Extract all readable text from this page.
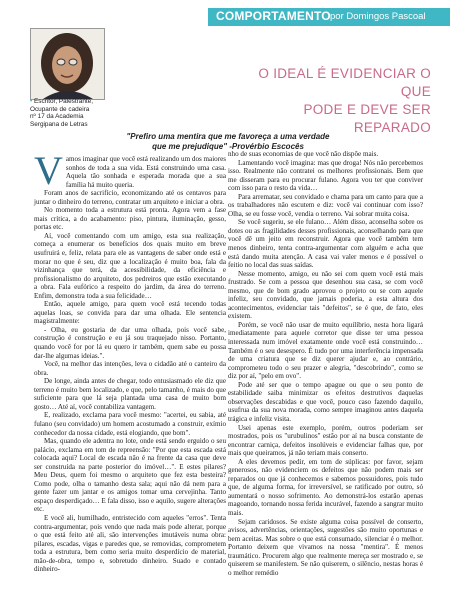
COMPORTAMENTO por Domingos Pascoal
• Escritor, Palestrante,
Ocupante de cadeira
nº 17 da Academia
Sergipana de Letras
O IDEAL É EVIDENCIAR O QUE
PODE E DEVE SER REPARADO
"Prefiro uma mentira que me favoreça a uma verdade
que me prejudique" -Provérbio Escocês

Vamos imaginar que você está realizando um dos maiores sonhos de toda a sua vida. Está construindo uma casa. Aquela tão sonhada e esperada morada que a sua família há muito queria.

Foram anos de sacrifício, economizando até os centavos para juntar o dinheiro do terreno, contratar um arquiteto e iniciar a obra.

No momento toda a estrutura está pronta. Agora vem a fase mais crítica, a do acabamento: piso, pintura, iluminação, gesso, portas etc.

Aí, você comentando com um amigo, esta sua realização, começa a enumerar os benefícios dos quais muito em breve usufruirá e, feliz, relata para ele as vantagens de saber onde está e morar no que é seu, diz que a localização é muito boa, fala da vizinhança que terá, da acessibilidade, da eficiência e profissionalismo do arquiteto, dos pedreiros que estão executando a obra. Fala eufórico a respeito do jardim, da área do terreno. Enfim, demonstra toda a sua felicidade…

Então, aquele amigo, para quem você está tecendo todas aquelas loas, se convida para dar uma olhada. Ele sentencia magistralmente:

- Olha, eu gostaria de dar uma olhada, pois você sabe, construção é construção e eu já sou traquejado nisso. Portanto, quando você for por lá eu quero ir também, quem sabe eu possa dar-lhe algumas ideias.".

Você, na melhor das intenções, leva o cidadão até o canteiro da obra.

De longe, ainda antes de chegar, todo entusiasmado ele diz que terreno é muito bem localizado, e que, pelo tamanho, é mais do que suficiente para que lá seja plantada uma casa de muito bom gosto… Até aí, você contabiliza vantagem.

E, realizado, exclama para você mesmo: "acertei, eu sabia, até fulano (seu convidado) um homem acostumado a construir, exímio conhecedor da nossa cidade, está elogiando, que bom".

Mas, quando ele adentra no lote, onde está sendo erguido o seu palácio, exclama em tom de repreensão: "Por que esta escada está colocada aqui? Local de escada não é na frente da casa que deve ser construída na parte posterior do imóvel…". E estes pilares? Meu Deus, quem foi mesmo o arquiteto que fez esta besteira? Como pode, olha o tamanho desta sala; aqui não dá nem para a gente fazer um jantar e os amigos tomar uma cervejinha. Tanto espaço desperdiçado… E fala disso, isso e aquilo, sugere alterações etc.

E você ali, humilhado, entristecido com aqueles "erros". Tenta contra-argumentar, pois vendo que nada mais pode alterar, porque o que está feito até ali, são intervenções imutáveis numa obra: pilares, escadas, vigas e paredes que, se removidas, comprometem toda a estrutura, bem como seria muito desperdício de material, mão-de-obra, tempo e, sobretudo dinheiro. Suado e contado dinheiro-

nho de suas economias de que você não dispõe mais.

Lamentando você imagina: mas que droga! Nós não percebemos isso. Realmente não contratei os melhores profissionais. Bem que me disseram para eu procurar fulano. Agora vou ter que conviver com isso para o resto da vida…

Para arrematar, seu convidado e chama para um canto para que a os trabalhadores não escutem e diz: você vai continuar com isso? Olha, se eu fosse você, vendia o terreno. Vai sobrar muita coisa.

Se você sugeriu, se ele fulano… Além disso, aconselha sobre os dotes ou as fragilidades desses profissionais, aconselhando para que você dê um jeito em reconstruir. Agora que você também tem menos dinheiro, tenta contra-argumentar com alguém e acha que está dando muita atenção. A casa vai valer menos e é possível o feitio no local das suas saídas.

Nesse momento, amigo, eu não sei com quem você está mais frustrado. Se com a pessoa que desenhou sua casa, se com você mesmo, que de bom grado aprovou o projeto ou se com aquele infeliz, seu convidado, que jamais poderia, a esta altura dos acontecimentos, evidenciar tais "defeitos", se é que, de fato, eles existem.

Porém, se você não usar de muito equilíbrio, nesta hora ligará imediatamente para aquele corretor que disse ter uma pessoa interessada num imóvel exatamente onde você está construindo… Também é o seu desespero. É tudo por uma interferência impensada de uma criatura que se diz querer ajudar e, ao contrário, comprometeu todo o seu prazer e alegria, "descobrindo", como se diz por aí, "pelo em ovo".

Pode até ser que o tempo apague ou que o seu ponto de estabilidade saiba minimizar os efeitos destrutivos daquelas observações descabidas e que você, pouco caso fazendo daquilo, usufrua da sua nova morada, como sempre imaginou antes daquela trágica e infeliz visita.

Usei apenas este exemplo, porém, outros poderiam ser mostrados, pois os "urubulinos" estão por aí na busca constante de encontrar carniça, defeitos insolúveis e evidenciar falhas que, por mais que queiramos, já não teriam mais conserto.

A eles devemos pedir, em tom de súplicas: por favor, sejam generosos, não evidenciem os defeitos que não podem mais ser reparados ou que já conhecemos e sabemos possuidores, pois tudo que, de alguma forma, for irreversível, se ratificado por outro, só aumentará o nosso sofrimento. Ao demonstrá-los estarão apenas magoando, tornando nossa ferida incurável, fazendo a sangrar muito mais.

Sejam caridosos. Se existe alguma coisa possível de conserto, avisos, advertências, orientações, sugestões são muito oportunas e bem aceitas. Mas sobre o que está consumado, silenciar é o melhor. Portanto deixem que vivamos na nossa "mentira". É menos traumático. Procurem algo que realmente mereça ser mostrado e, se quiserem se manifestem. Se não quiserem, o silêncio, nestas horas é o melhor remédio
